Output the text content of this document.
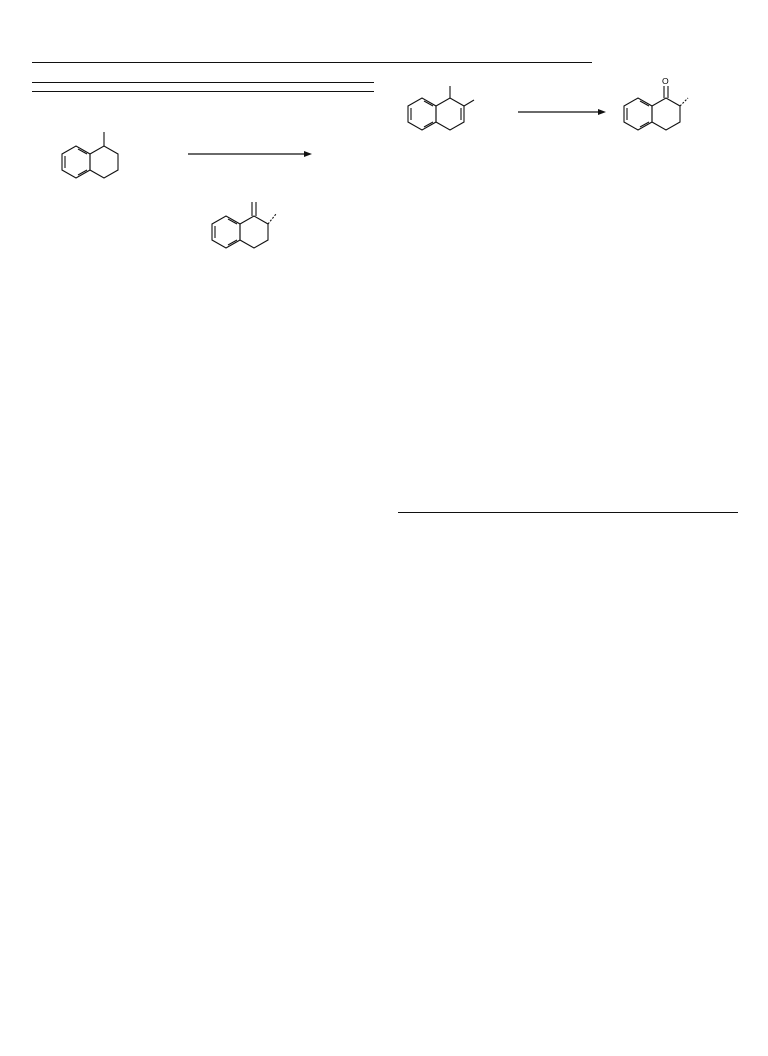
O
